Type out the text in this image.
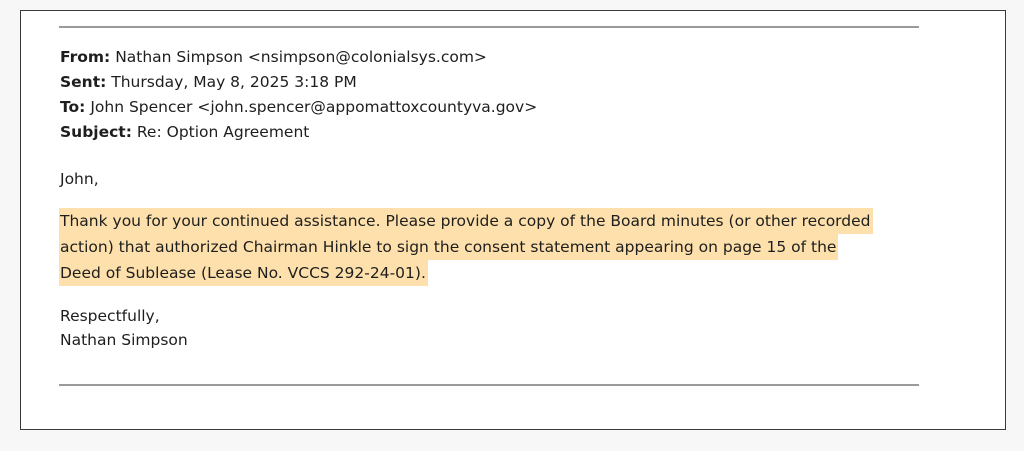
From: Nathan Simpson <nsimpson@colonialsys.com>
Sent: Thursday, May 8, 2025 3:18 PM
To: John Spencer <john.spencer@appomattoxcountyva.gov>
Subject: Re: Option Agreement
John,
Thank you for your continued assistance. Please provide a copy of the Board minutes (or other recorded
action) that authorized Chairman Hinkle to sign the consent statement appearing on page 15 of the
Deed of Sublease (Lease No. VCCS 292-24-01).
Respectfully,
Nathan Simpson
